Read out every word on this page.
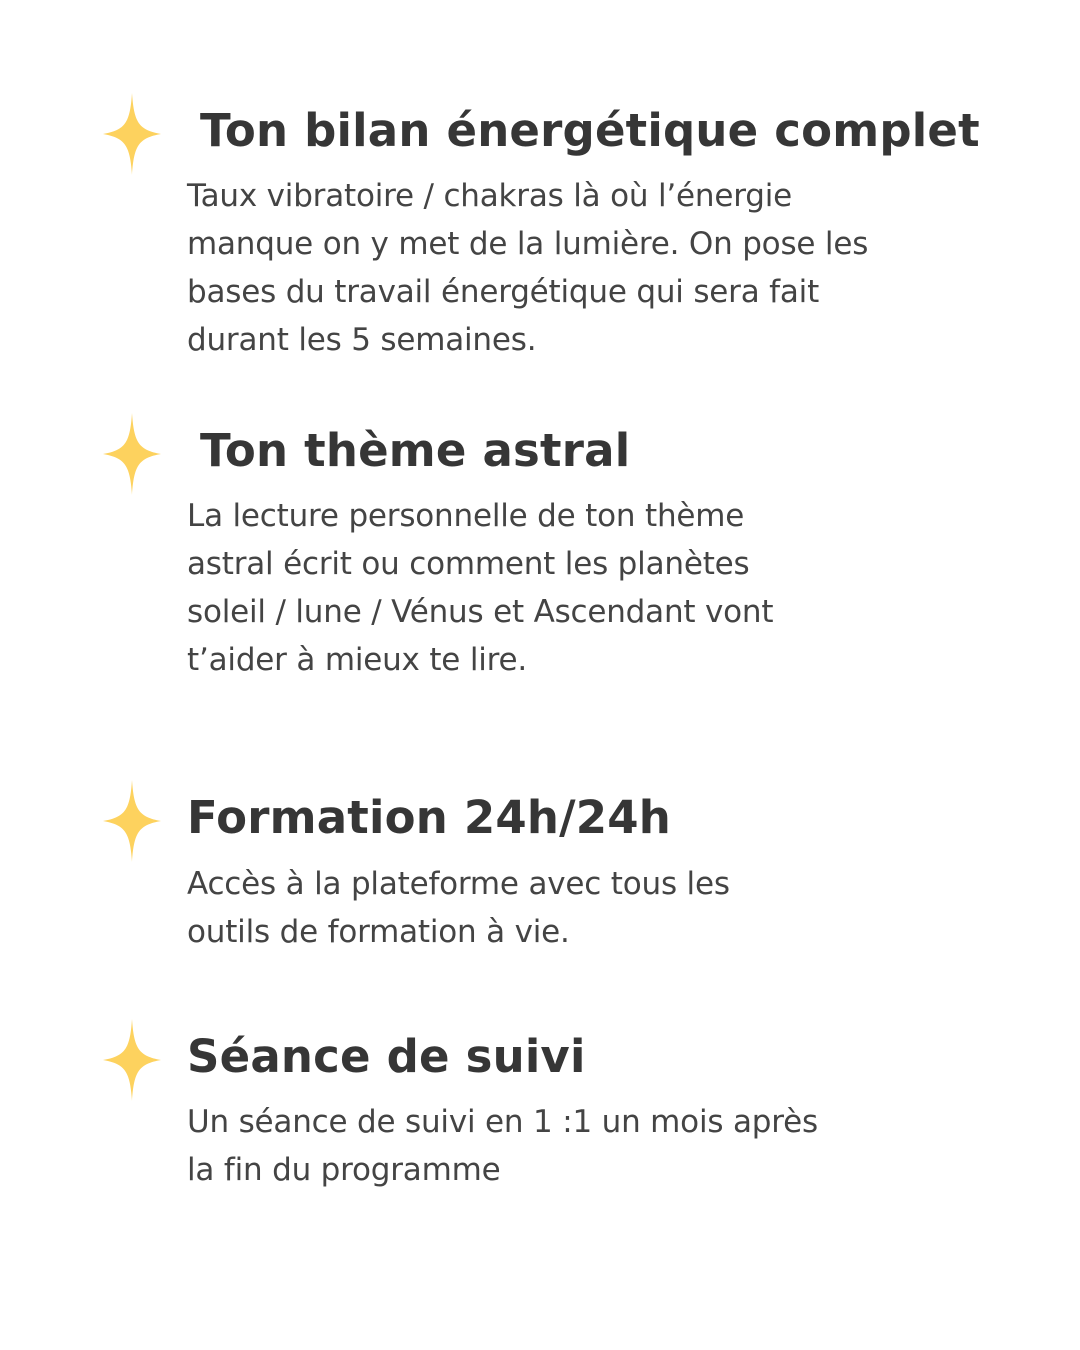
Ton bilan énergétique complet

Taux vibratoire / chakras là où l’énergie
manque on y met de la lumière. On pose les
bases du travail énergétique qui sera fait
durant les 5 semaines.

Ton thème astral

La lecture personnelle de ton thème
astral écrit ou comment les planètes
soleil / lune / Vénus et Ascendant vont
t’aider à mieux te lire.

Formation 24h/24h

Accès à la plateforme avec tous les
outils de formation à vie.

Séance de suivi

Un séance de suivi en 1 :1 un mois après
la fin du programme
